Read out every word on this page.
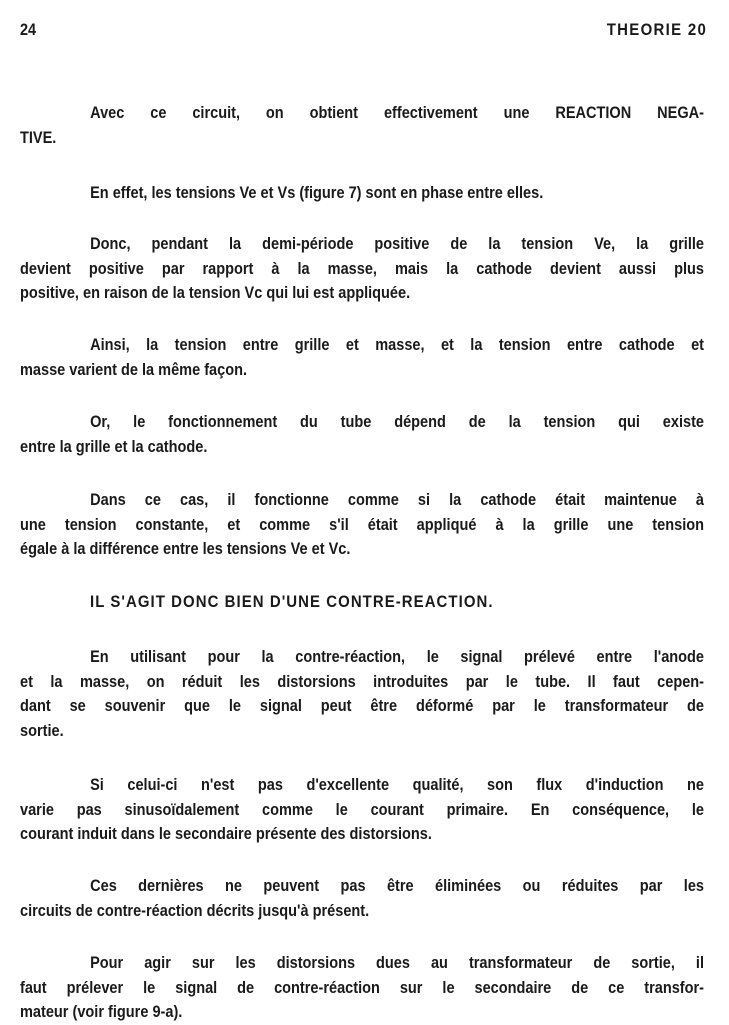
24	THEORIE 20
Avec ce circuit, on obtient effectivement une REACTION NEGA-
TIVE.
En effet, les tensions Ve et Vs (figure 7) sont en phase entre elles.
Donc, pendant la demi-période positive de la tension Ve, la grille
devient positive par rapport à la masse, mais la cathode devient aussi plus
positive, en raison de la tension Vc qui lui est appliquée.
Ainsi, la tension entre grille et masse, et la tension entre cathode et
masse varient de la même façon.
Or, le fonctionnement du tube dépend de la tension qui existe
entre la grille et la cathode.
Dans ce cas, il fonctionne comme si la cathode était maintenue à
une tension constante, et comme s'il était appliqué à la grille une tension
égale à la différence entre les tensions Ve et Vc.
IL S'AGIT DONC BIEN D'UNE CONTRE-REACTION.
En utilisant pour la contre-réaction, le signal prélevé entre l'anode
et la masse, on réduit les distorsions introduites par le tube. Il faut cepen-
dant se souvenir que le signal peut être déformé par le transformateur de
sortie.
Si celui-ci n'est pas d'excellente qualité, son flux d'induction ne
varie pas sinusoïdalement comme le courant primaire. En conséquence, le
courant induit dans le secondaire présente des distorsions.
Ces dernières ne peuvent pas être éliminées ou réduites par les
circuits de contre-réaction décrits jusqu'à présent.
Pour agir sur les distorsions dues au transformateur de sortie, il
faut prélever le signal de contre-réaction sur le secondaire de ce transfor-
mateur (voir figure 9-a).
